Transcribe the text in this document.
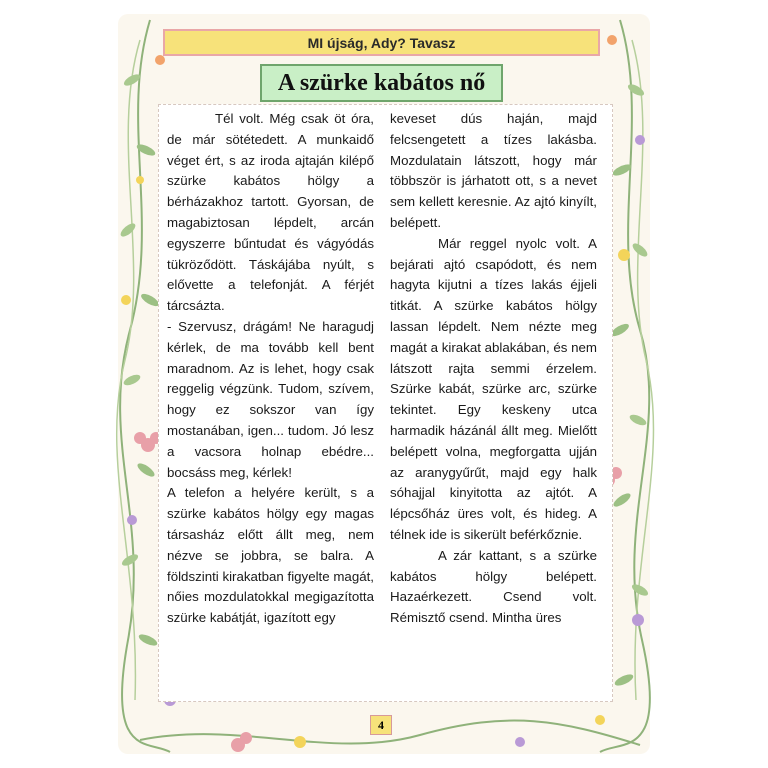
MI újság, Ady? Tavasz
A szürke kabátos nő

Tél volt. Még csak öt óra, de már sötétedett. A munkaidő véget ért, s az iroda ajtaján kilépő szürke kabátos hölgy a bérházakhoz tartott. Gyorsan, de magabiztosan lépdelt, arcán egyszerre bűntudat és vágyódás tükröződött. Táskájába nyúlt, s elővette a telefonját. A férjét tárcsázta.

- Szervusz, drágám! Ne haragudj kérlek, de ma tovább kell bent maradnom. Az is lehet, hogy csak reggelig végzünk. Tudom, szívem, hogy ez sokszor van így mostanában, igen... tudom. Jó lesz a vacsora holnap ebédre... bocsáss meg, kérlek!

A telefon a helyére került, s a szürke kabátos hölgy egy magas társasház előtt állt meg, nem nézve se jobbra, se balra. A földszinti kirakatban figyelte magát, nőies mozdulatokkal megigazította szürke kabátját, igazított egy

keveset dús haján, majd felcsengetett a tízes lakásba. Mozdulatain látszott, hogy már többször is járhatott ott, s a nevet sem kellett keresnie. Az ajtó kinyílt, belépett.

Már reggel nyolc volt. A bejárati ajtó csapódott, és nem hagyta kijutni a tízes lakás éjjeli titkát. A szürke kabátos hölgy lassan lépdelt. Nem nézte meg magát a kirakat ablakában, és nem látszott rajta semmi érzelem. Szürke kabát, szürke arc, szürke tekintet. Egy keskeny utca harmadik házánál állt meg. Mielőtt belépett volna, megforgatta ujján az aranygyűrűt, majd egy halk sóhajjal kinyitotta az ajtót. A lépcsőház üres volt, és hideg. A télnek ide is sikerült beférkőznie.

A zár kattant, s a szürke kabátos hölgy belépett. Hazaérkezett. Csend volt. Rémisztő csend. Mintha üres

4
